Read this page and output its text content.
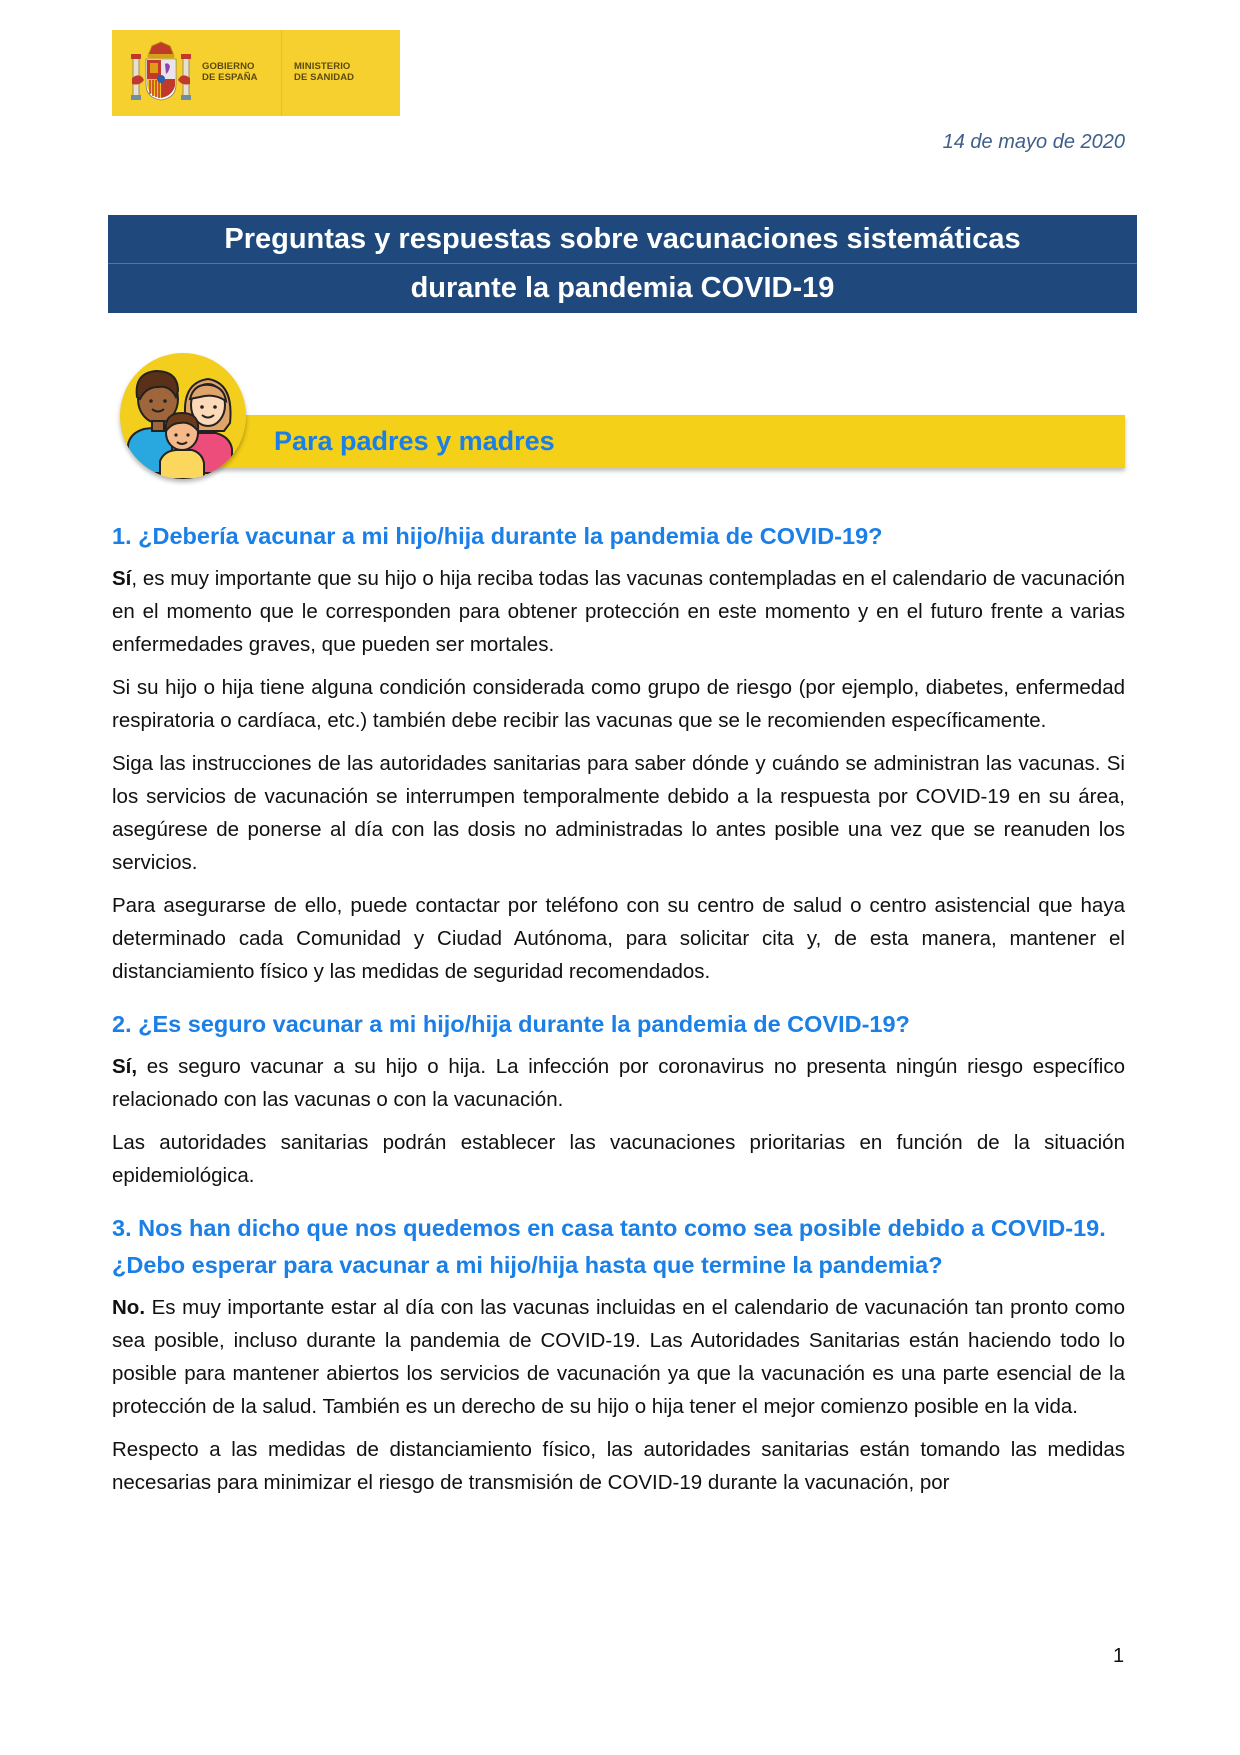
GOBIERNO
DE ESPAÑA
MINISTERIO
DE SANIDAD
14 de mayo de 2020
Preguntas y respuestas sobre vacunaciones sistemáticas
durante la pandemia COVID-19
Para padres y madres
1. ¿Debería vacunar a mi hijo/hija durante la pandemia de COVID-19?

Sí, es muy importante que su hijo o hija reciba todas las vacunas contempladas en el calendario de vacunación en el momento que le corresponden para obtener protección en este momento y en el futuro frente a varias enfermedades graves, que pueden ser mortales.

Si su hijo o hija tiene alguna condición considerada como grupo de riesgo (por ejemplo, diabetes, enfermedad respiratoria o cardíaca, etc.) también debe recibir las vacunas que se le recomienden específicamente.

Siga las instrucciones de las autoridades sanitarias para saber dónde y cuándo se administran las vacunas. Si los servicios de vacunación se interrumpen temporalmente debido a la respuesta por COVID-19 en su área, asegúrese de ponerse al día con las dosis no administradas lo antes posible una vez que se reanuden los servicios.

Para asegurarse de ello, puede contactar por teléfono con su centro de salud o centro asistencial que haya determinado cada Comunidad y Ciudad Autónoma, para solicitar cita y, de esta manera, mantener el distanciamiento físico y las medidas de seguridad recomendados.

2. ¿Es seguro vacunar a mi hijo/hija durante la pandemia de COVID-19?

Sí, es seguro vacunar a su hijo o hija. La infección por coronavirus no presenta ningún riesgo específico relacionado con las vacunas o con la vacunación.

Las autoridades sanitarias podrán establecer las vacunaciones prioritarias en función de la situación epidemiológica.

3. Nos han dicho que nos quedemos en casa tanto como sea posible debido a COVID-19. ¿Debo esperar para vacunar a mi hijo/hija hasta que termine la pandemia?

No. Es muy importante estar al día con las vacunas incluidas en el calendario de vacunación tan pronto como sea posible, incluso durante la pandemia de COVID-19. Las Autoridades Sanitarias están haciendo todo lo posible para mantener abiertos los servicios de vacunación ya que la vacunación es una parte esencial de la protección de la salud. También es un derecho de su hijo o hija tener el mejor comienzo posible en la vida.

Respecto a las medidas de distanciamiento físico, las autoridades sanitarias están tomando las medidas necesarias para minimizar el riesgo de transmisión de COVID-19 durante la vacunación, por

1
